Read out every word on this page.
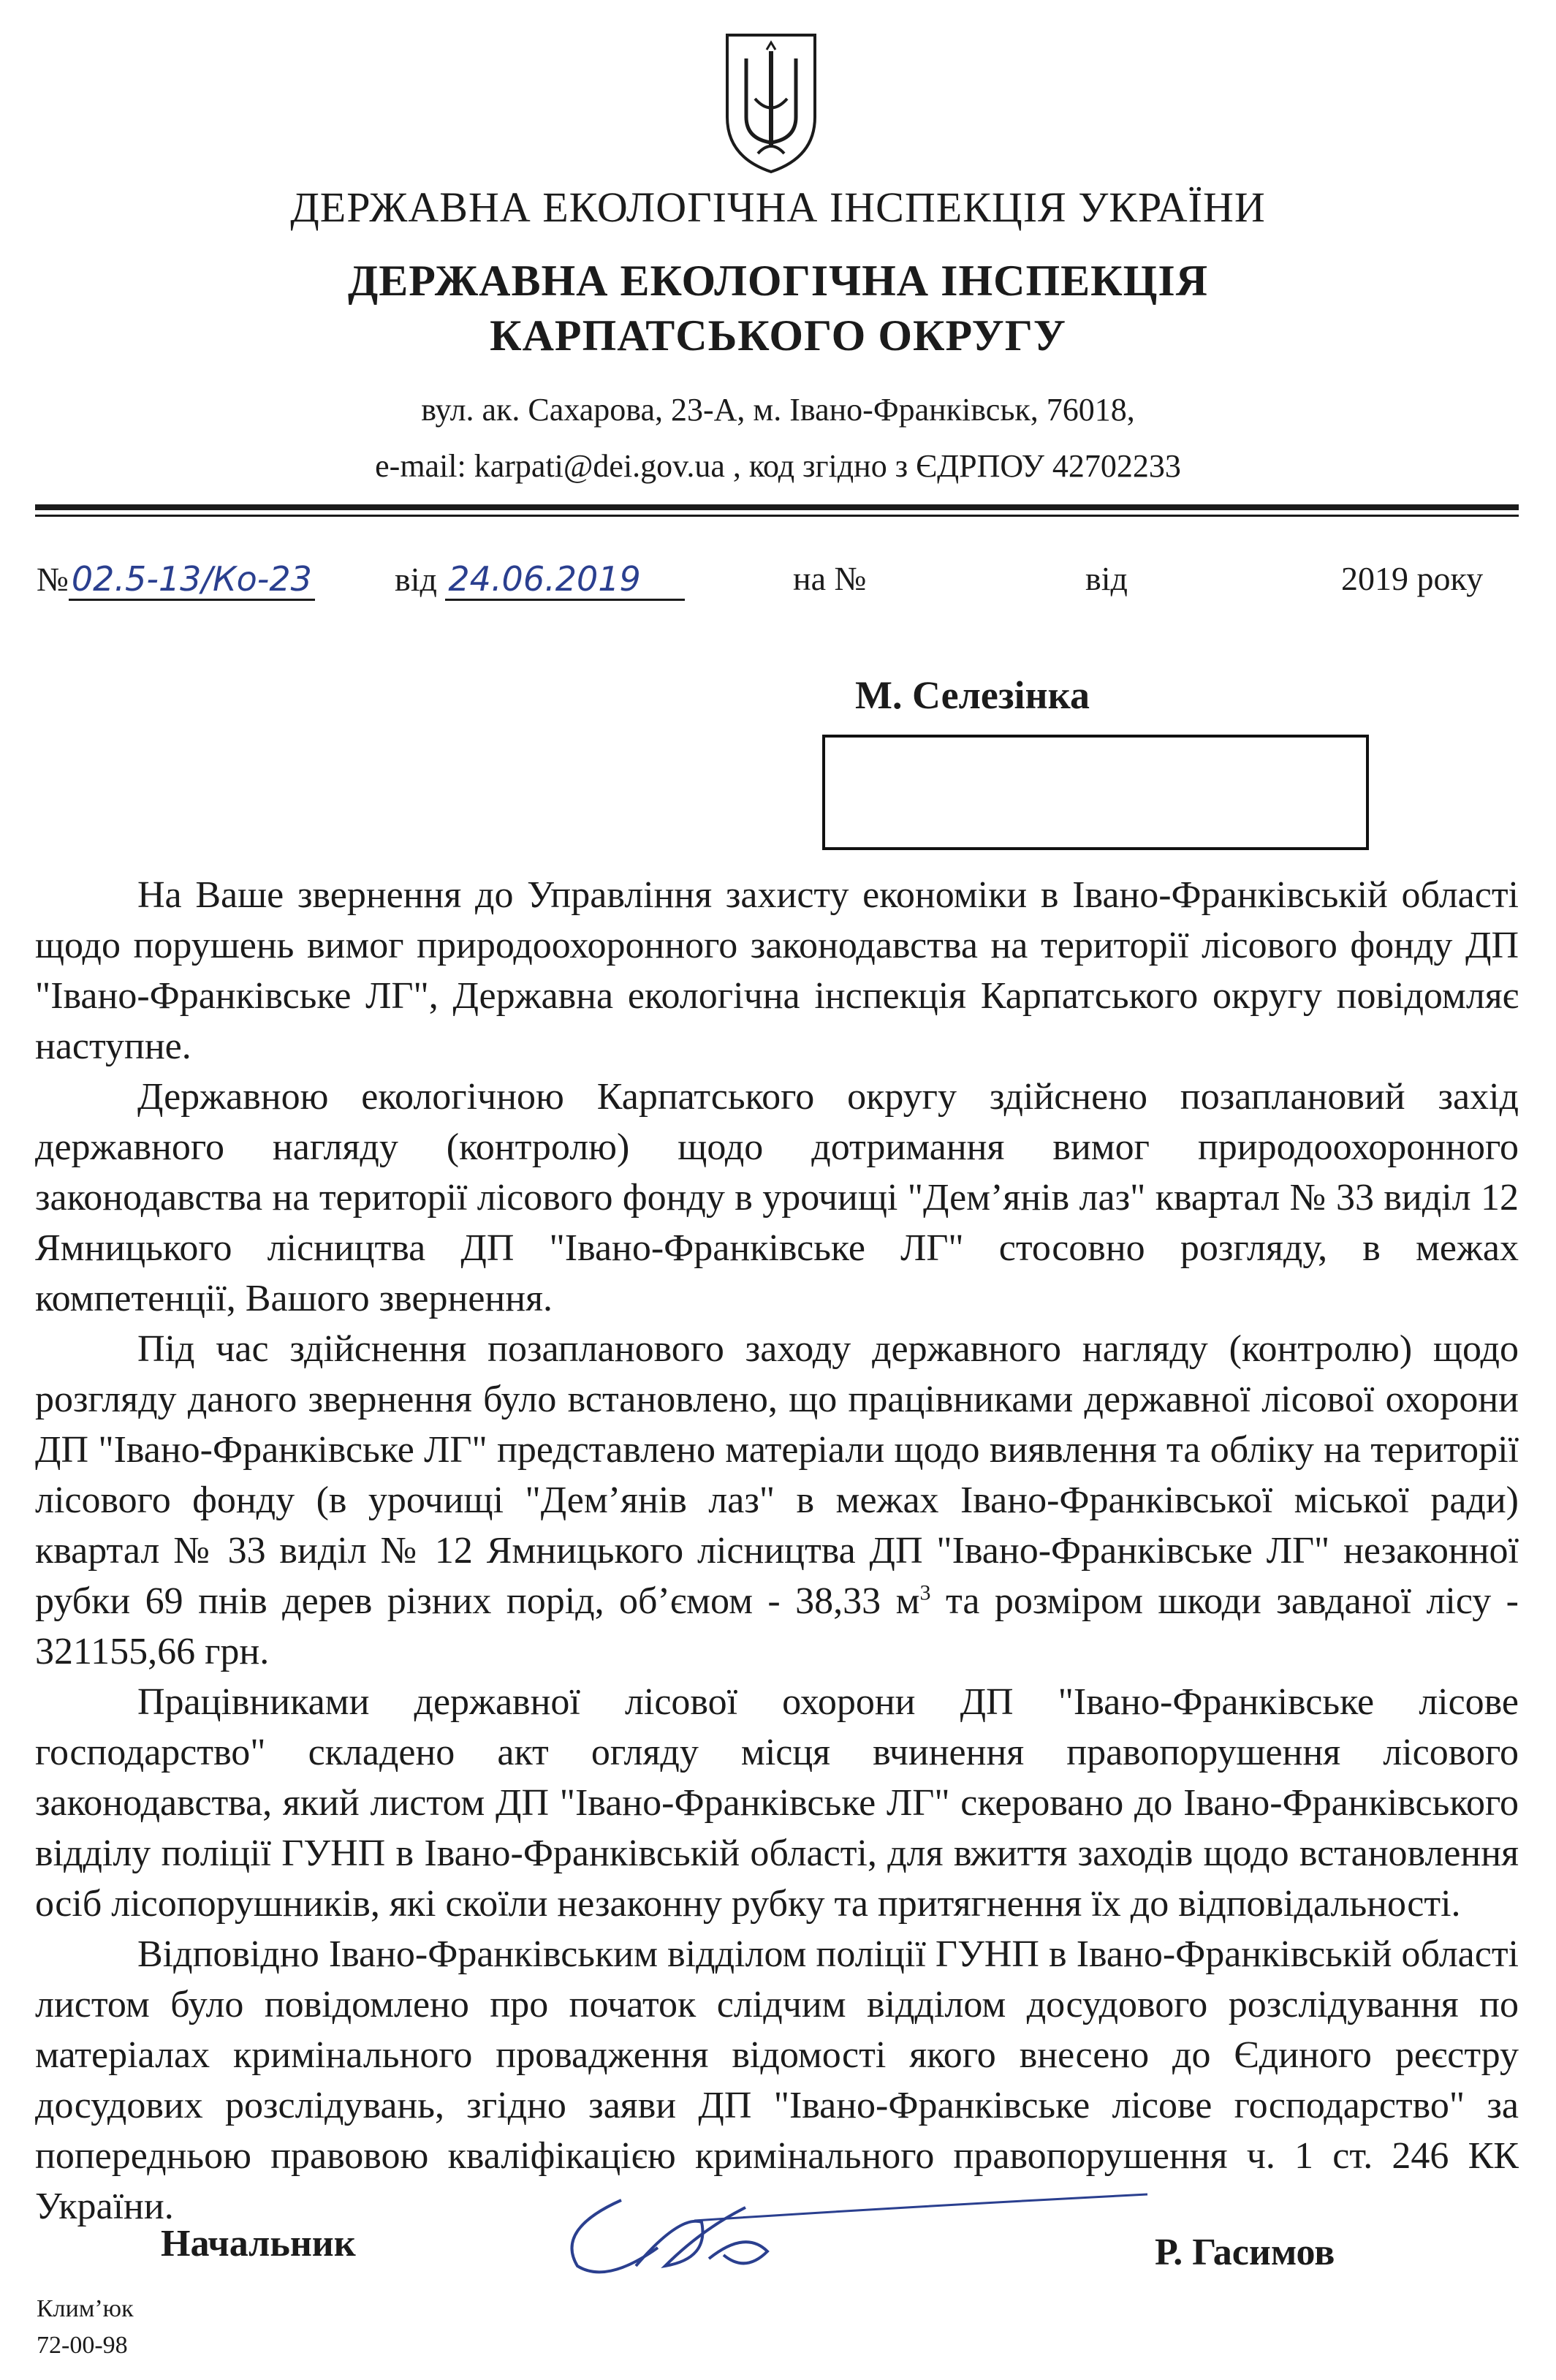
ДЕРЖАВНА ЕКОЛОГІЧНА ІНСПЕКЦІЯ УКРАЇНИ
ДЕРЖАВНА ЕКОЛОГІЧНА ІНСПЕКЦІЯ
КАРПАТСЬКОГО ОКРУГУ
вул. ак. Сахарова, 23-А, м. Івано-Франківськ, 76018,
e-mail: karpati@dei.gov.ua , код згідно з ЄДРПОУ 42702233
№02.5-13/Ко-23 від 24.06.2019	на №	від	2019 року
М. Селезінка

На Ваше звернення до Управління захисту економіки в Івано-Франківській області щодо порушень вимог природоохоронного законодавства на території лісового фонду ДП "Івано-Франківське ЛГ", Державна екологічна інспекція Карпатського округу повідомляє наступне.

Державною екологічною Карпатського округу здійснено позаплановий захід державного нагляду (контролю) щодо дотримання вимог природоохоронного законодавства на території лісового фонду в урочищі "Дем’янів лаз" квартал № 33 виділ 12 Ямницького лісництва ДП "Івано-Франківське ЛГ" стосовно розгляду, в межах компетенції, Вашого звернення.

Під час здійснення позапланового заходу державного нагляду (контролю) щодо розгляду даного звернення було встановлено, що працівниками державної лісової охорони ДП "Івано-Франківське ЛГ" представлено матеріали щодо виявлення та обліку на території лісового фонду (в урочищі "Дем’янів лаз" в межах Івано-Франківської міської ради) квартал № 33 виділ № 12 Ямницького лісництва ДП "Івано-Франківське ЛГ" незаконної рубки 69 пнів дерев різних порід, об’ємом - 38,33 $м^3$ та розміром шкоди завданої лісу - 321155,66 грн.

Працівниками державної лісової охорони ДП "Івано-Франківське лісове господарство" складено акт огляду місця вчинення правопорушення лісового законодавства, який листом ДП "Івано-Франківське ЛГ" скеровано до Івано-Франківського відділу поліції ГУНП в Івано-Франківській області, для вжиття заходів щодо встановлення осіб лісопорушників, які скоїли незаконну рубку та притягнення їх до відповідальності.

Відповідно Івано-Франківським відділом поліції ГУНП в Івано-Франківській області листом було повідомлено про початок слідчим відділом досудового розслідування по матеріалах кримінального провадження відомості якого внесено до Єдиного реєстру досудових розслідувань, згідно заяви ДП "Івано-Франківське лісове господарство" за попередньою правовою кваліфікацією кримінального правопорушення ч. 1 ст. 246 КК України.

Начальник	Р. Гасимов
Клим’юк
72-00-98
